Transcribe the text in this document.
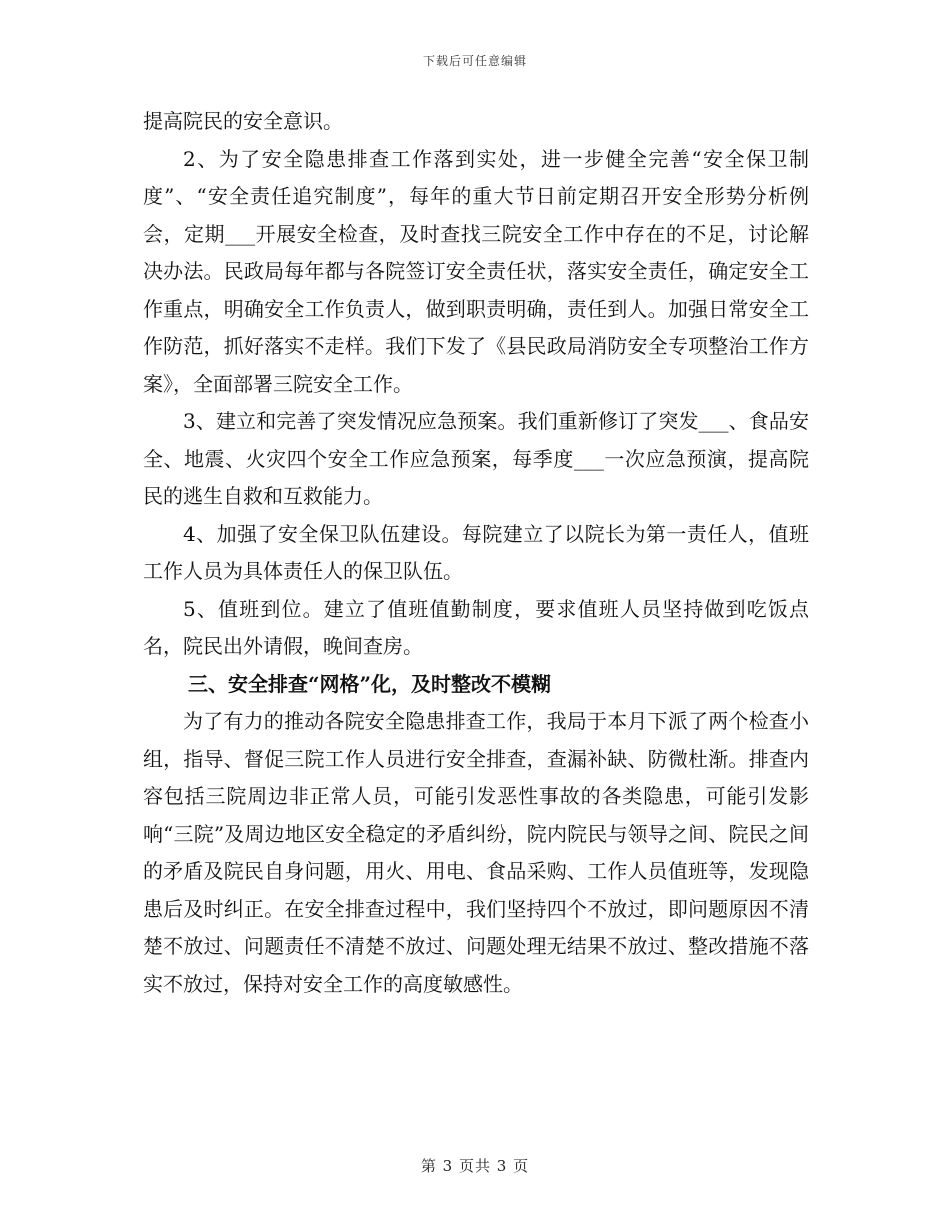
下载后可任意编辑

提高院民的安全意识。

2、为了安全隐患排查工作落到实处，进一步健全完善“安全保卫制度”、“安全责任追究制度”，每年的重大节日前定期召开安全形势分析例会，定期___开展安全检查，及时查找三院安全工作中存在的不足，讨论解决办法。民政局每年都与各院签订安全责任状，落实安全责任，确定安全工作重点，明确安全工作负责人，做到职责明确，责任到人。加强日常安全工作防范，抓好落实不走样。我们下发了《县民政局消防安全专项整治工作方案》，全面部署三院安全工作。

3、建立和完善了突发情况应急预案。我们重新修订了突发___、食品安全、地震、火灾四个安全工作应急预案，每季度___一次应急预演，提高院民的逃生自救和互救能力。

4、加强了安全保卫队伍建设。每院建立了以院长为第一责任人，值班工作人员为具体责任人的保卫队伍。

5、值班到位。建立了值班值勤制度，要求值班人员坚持做到吃饭点名，院民出外请假，晚间查房。

三、安全排查“网格”化，及时整改不模糊

为了有力的推动各院安全隐患排查工作，我局于本月下派了两个检查小组，指导、督促三院工作人员进行安全排查，查漏补缺、防微杜渐。排查内容包括三院周边非正常人员，可能引发恶性事故的各类隐患，可能引发影响“三院”及周边地区安全稳定的矛盾纠纷，院内院民与领导之间、院民之间的矛盾及院民自身问题，用火、用电、食品采购、工作人员值班等，发现隐患后及时纠正。在安全排查过程中，我们坚持四个不放过，即问题原因不清楚不放过、问题责任不清楚不放过、问题处理无结果不放过、整改措施不落实不放过，保持对安全工作的高度敏感性。

第 3 页共 3 页
